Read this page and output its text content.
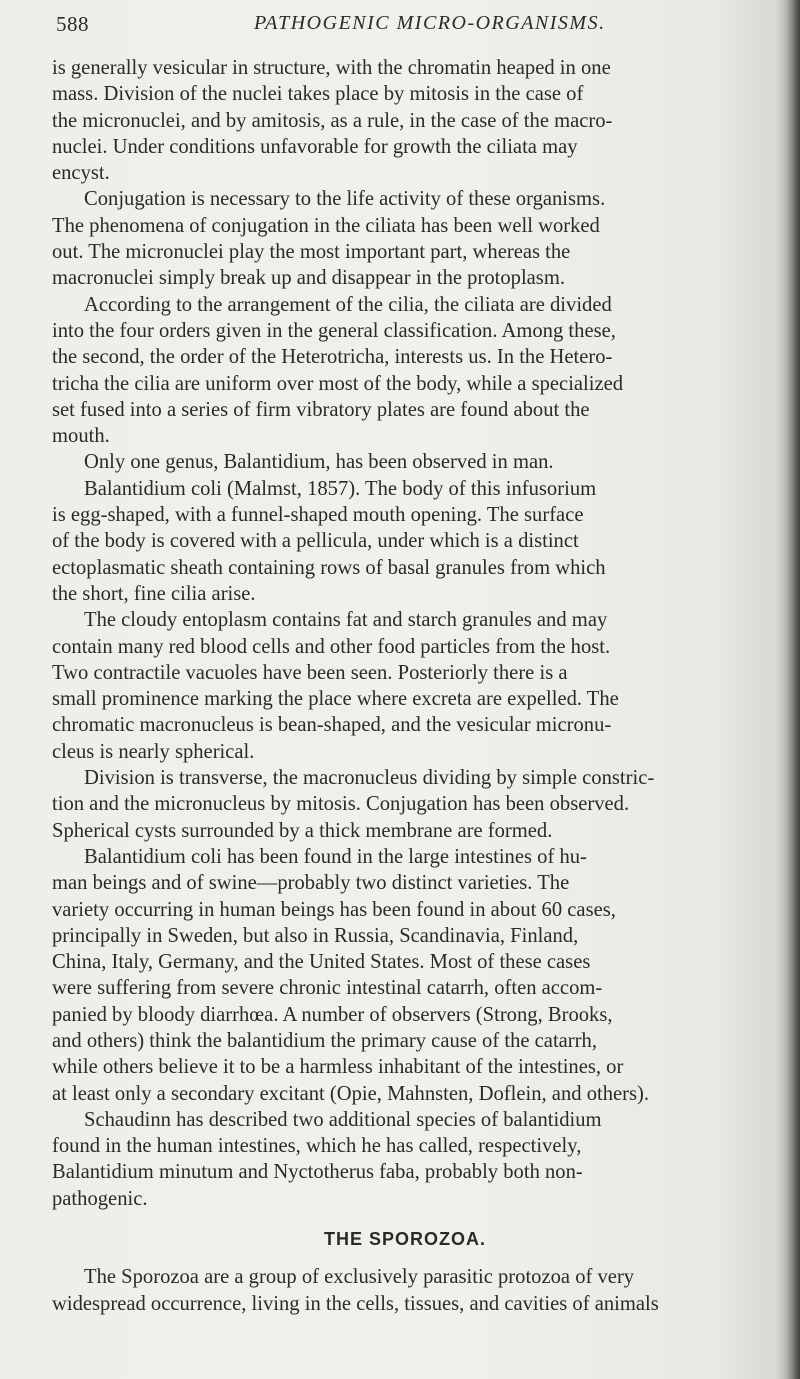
588	PATHOGENIC MICRO-ORGANISMS.
is generally vesicular in structure, with the chromatin heaped in one
mass. Division of the nuclei takes place by mitosis in the case of
the micronuclei, and by amitosis, as a rule, in the case of the macro-
nuclei. Under conditions unfavorable for growth the ciliata may
encyst.
Conjugation is necessary to the life activity of these organisms.
The phenomena of conjugation in the ciliata has been well worked
out. The micronuclei play the most important part, whereas the
macronuclei simply break up and disappear in the protoplasm.
According to the arrangement of the cilia, the ciliata are divided
into the four orders given in the general classification. Among these,
the second, the order of the Heterotricha, interests us. In the Hetero-
tricha the cilia are uniform over most of the body, while a specialized
set fused into a series of firm vibratory plates are found about the
mouth.
Only one genus, Balantidium, has been observed in man.
Balantidium coli (Malmst, 1857). The body of this infusorium
is egg-shaped, with a funnel-shaped mouth opening. The surface
of the body is covered with a pellicula, under which is a distinct
ectoplasmatic sheath containing rows of basal granules from which
the short, fine cilia arise.
The cloudy entoplasm contains fat and starch granules and may
contain many red blood cells and other food particles from the host.
Two contractile vacuoles have been seen. Posteriorly there is a
small prominence marking the place where excreta are expelled. The
chromatic macronucleus is bean-shaped, and the vesicular micronu-
cleus is nearly spherical.
Division is transverse, the macronucleus dividing by simple constric-
tion and the micronucleus by mitosis. Conjugation has been observed.
Spherical cysts surrounded by a thick membrane are formed.
Balantidium coli has been found in the large intestines of hu-
man beings and of swine—probably two distinct varieties. The
variety occurring in human beings has been found in about 60 cases,
principally in Sweden, but also in Russia, Scandinavia, Finland,
China, Italy, Germany, and the United States. Most of these cases
were suffering from severe chronic intestinal catarrh, often accom-
panied by bloody diarrhœa. A number of observers (Strong, Brooks,
and others) think the balantidium the primary cause of the catarrh,
while others believe it to be a harmless inhabitant of the intestines, or
at least only a secondary excitant (Opie, Mahnsten, Doflein, and others).
Schaudinn has described two additional species of balantidium
found in the human intestines, which he has called, respectively,
Balantidium minutum and Nyctotherus faba, probably both non-
pathogenic.
THE SPOROZOA.
The Sporozoa are a group of exclusively parasitic protozoa of very
widespread occurrence, living in the cells, tissues, and cavities of animals
